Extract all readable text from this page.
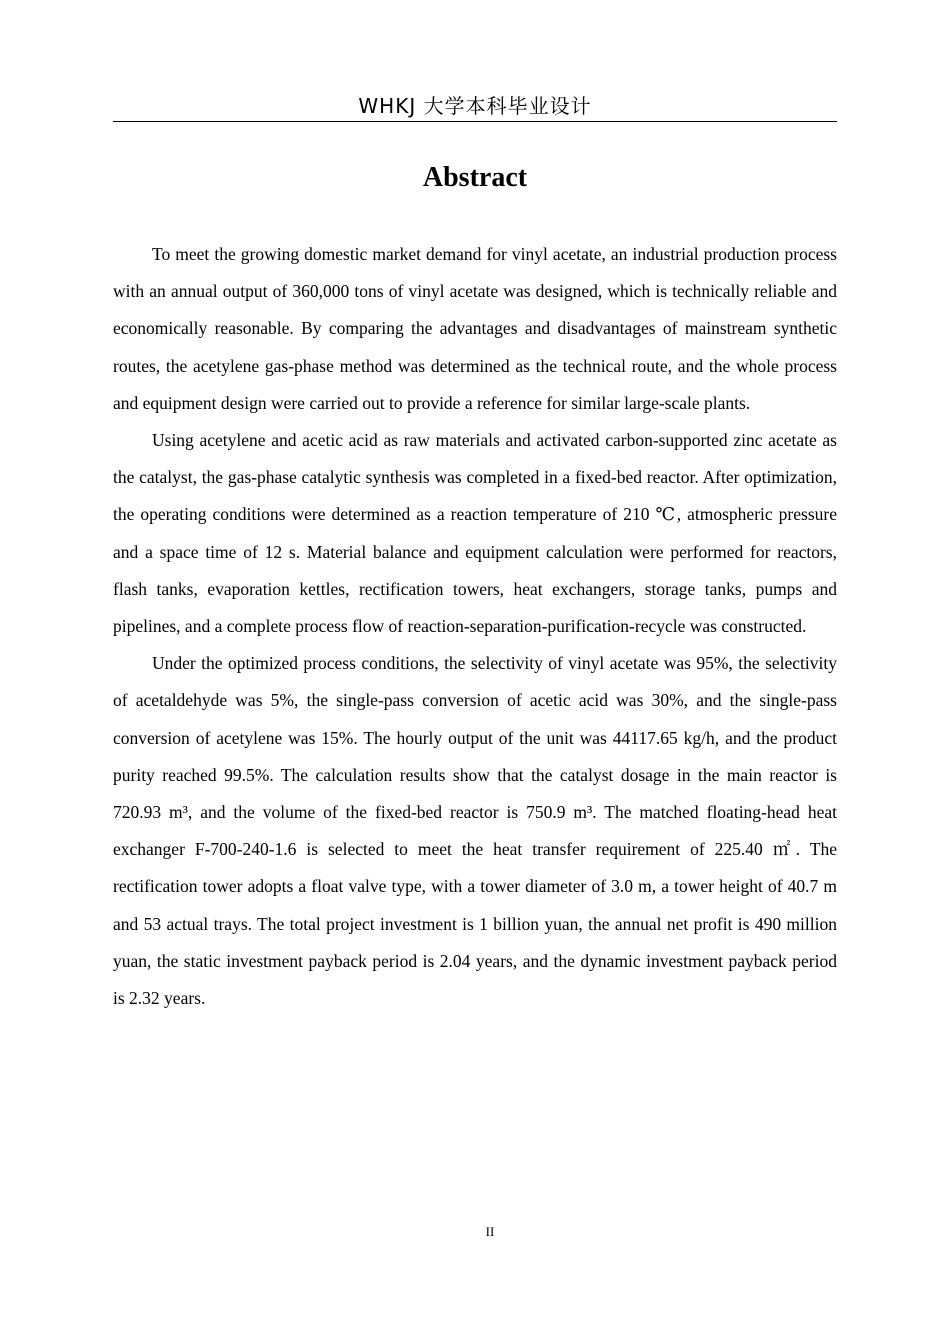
WHKJ 大学本科毕业设计
Abstract

To meet the growing domestic market demand for vinyl acetate, an industrial production process with an annual output of 360,000 tons of vinyl acetate was designed, which is technically reliable and economically reasonable. By comparing the advantages and disadvantages of mainstream synthetic routes, the acetylene gas-phase method was determined as the technical route, and the whole process and equipment design were carried out to provide a reference for similar large-scale plants.

Using acetylene and acetic acid as raw materials and activated carbon-supported zinc acetate as the catalyst, the gas-phase catalytic synthesis was completed in a fixed-bed reactor. After optimization, the operating conditions were determined as a reaction temperature of 210 ℃, atmospheric pressure and a space time of 12 s. Material balance and equipment calculation were performed for reactors, flash tanks, evaporation kettles, rectification towers, heat exchangers, storage tanks, pumps and pipelines, and a complete process flow of reaction-separation-purification-recycle was constructed.

Under the optimized process conditions, the selectivity of vinyl acetate was 95%, the selectivity of acetaldehyde was 5%, the single-pass conversion of acetic acid was 30%, and the single-pass conversion of acetylene was 15%. The hourly output of the unit was 44117.65 kg/h, and the product purity reached 99.5%. The calculation results show that the catalyst dosage in the main reactor is 720.93 m³, and the volume of the fixed-bed reactor is 750.9 m³. The matched floating-head heat exchanger F-700-240-1.6 is selected to meet the heat transfer requirement of 225.40 ㎡. The rectification tower adopts a float valve type, with a tower diameter of 3.0 m, a tower height of 40.7 m and 53 actual trays. The total project investment is 1 billion yuan, the annual net profit is 490 million yuan, the static investment payback period is 2.04 years, and the dynamic investment payback period is 2.32 years.

II
